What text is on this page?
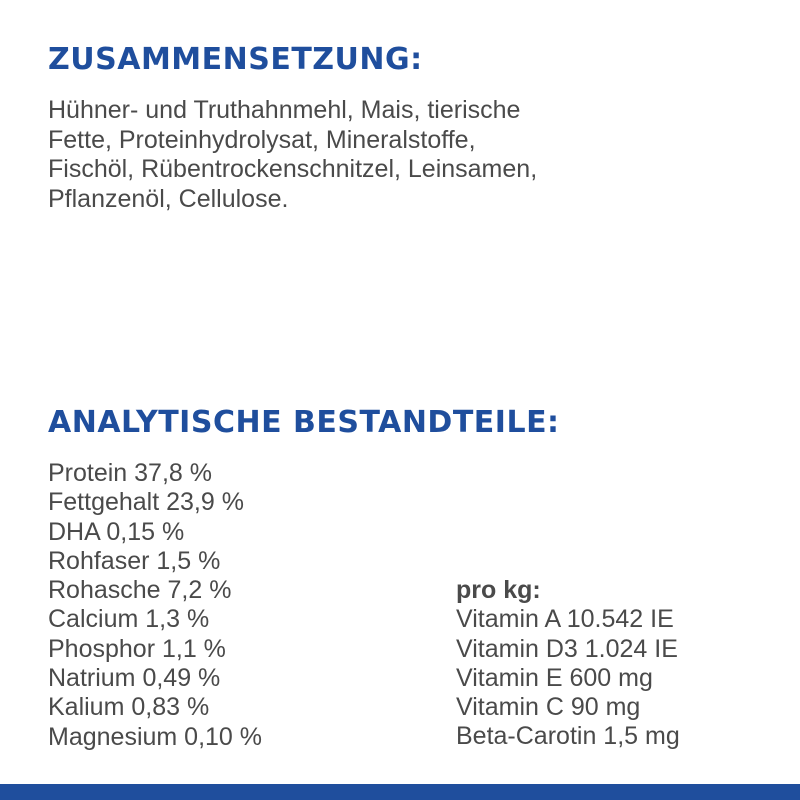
ZUSAMMENSETZUNG:

Hühner- und Truthahnmehl, Mais, tierische
Fette, Proteinhydrolysat, Mineralstoffe,
Fischöl, Rübentrockenschnitzel, Leinsamen,
Pflanzenöl, Cellulose.

ANALYTISCHE BESTANDTEILE:
Protein 37,8 %
Fettgehalt 23,9 %
DHA 0,15 %
Rohfaser 1,5 %
Rohasche 7,2 %
Calcium 1,3 %
Phosphor 1,1 %
Natrium 0,49 %
Kalium 0,83 %
Magnesium 0,10 %
pro kg:
Vitamin A 10.542 IE
Vitamin D3 1.024 IE
Vitamin E 600 mg
Vitamin C 90 mg
Beta-Carotin 1,5 mg
